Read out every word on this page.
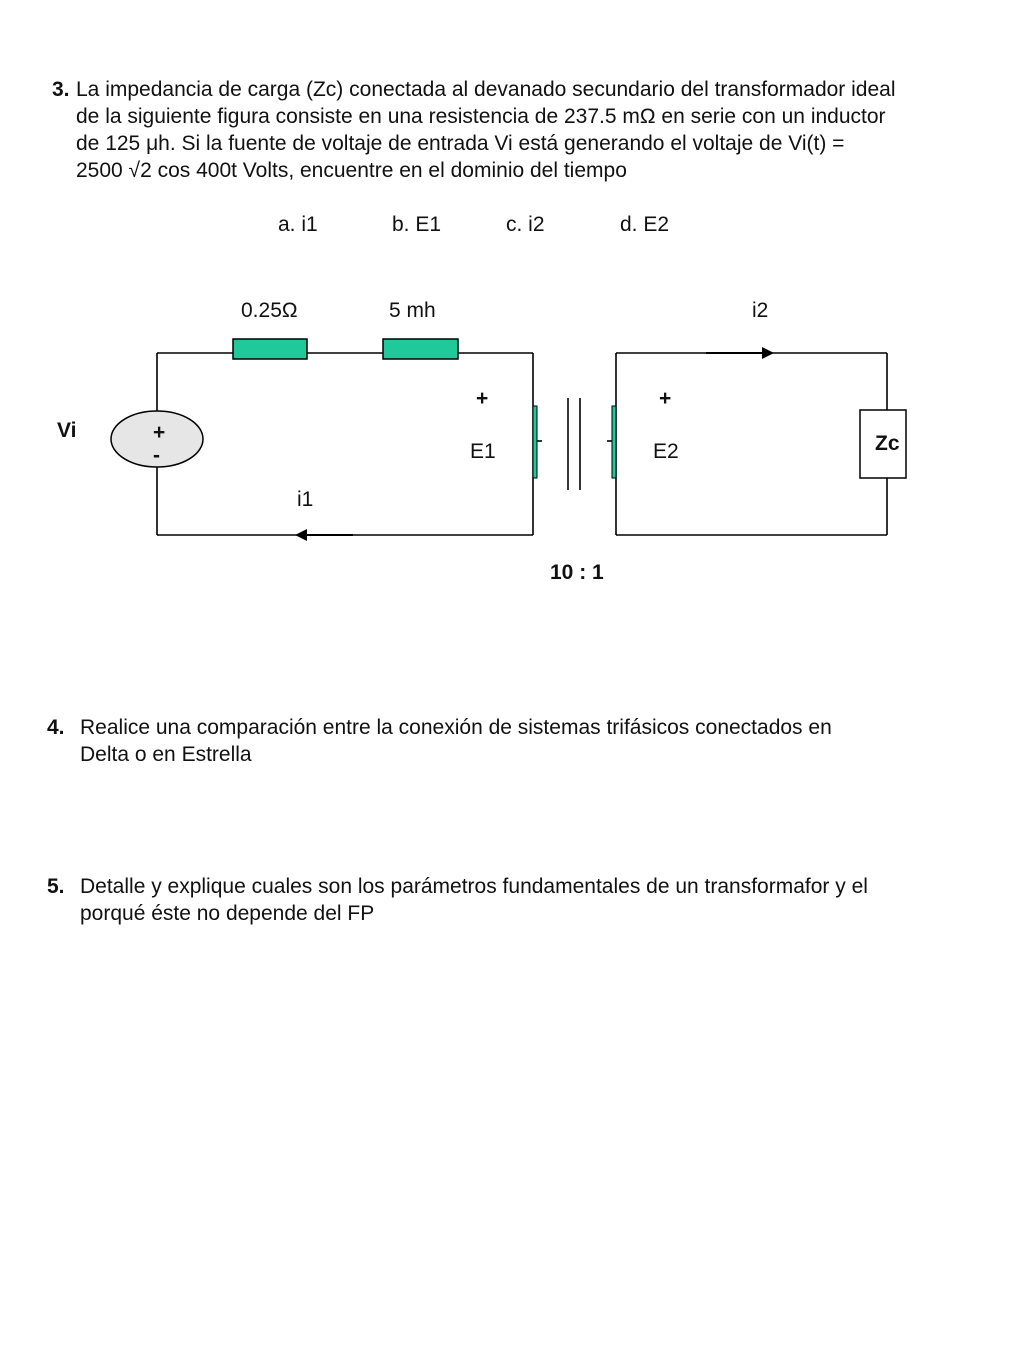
3. La impedancia de carga (Zc) conectada al devanado secundario del transformador ideal
de la siguiente figura consiste en una resistencia de 237.5 mΩ en serie con un inductor
de 125 μh. Si la fuente de voltaje de entrada Vi está generando el voltaje de Vi(t) =
2500 √2 cos 400t Volts, encuentre en el dominio del tiempo
a. i1	b. E1	c. i2	d. E2
0.25Ω	5 mh	i2
+	+
Vi	+
-	E1	E2	Zc
i1
10 : 1
4. Realice una comparación entre la conexión de sistemas trifásicos conectados en
Delta o en Estrella
5. Detalle y explique cuales son los parámetros fundamentales de un transformafor y el
porqué éste no depende del FP
